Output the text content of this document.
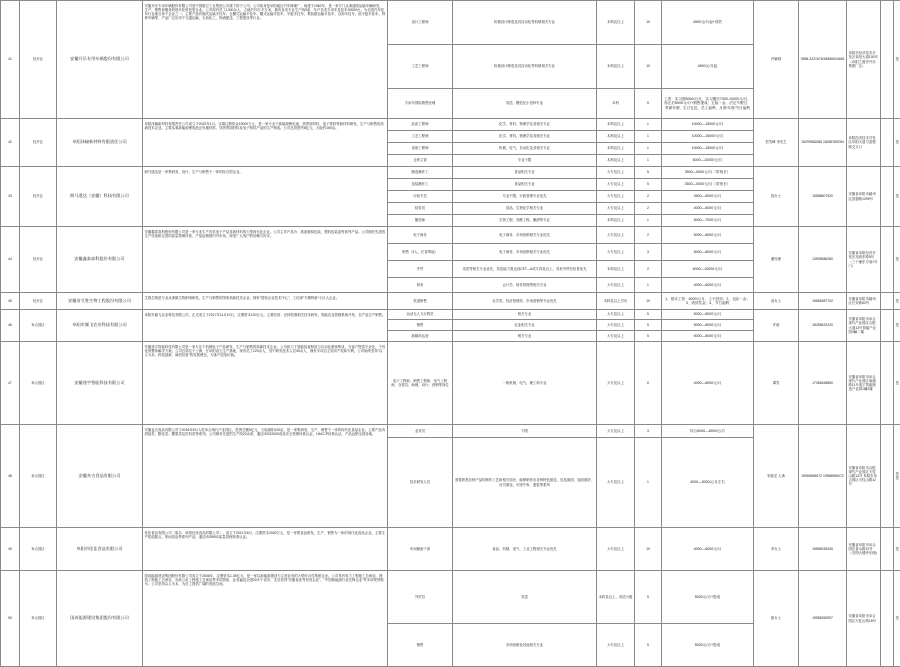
41	经开区	安徽开乐专用车辆股份有限公司	安徽开乐专用车辆股份有限公司是中国航空工业集团公司旗下的子公司。公司前身是阜阳地区汽车修理厂，始建于1962年，是一家专门从事道路运输车辆研发、生产、销售和服务的现代化科技型企业。公司现有员工1200余人，占地约70万平方米，拥有各类专业生产线9条，年产各类专用车及挂车20000台。为全国汽车挂车行业重点骨干企业之一。主要产品有厢式运输半挂车、仓栅式运输半挂车、罐式运输半挂车、平板半挂车、集装箱运输半挂车、自卸半挂车、低平板半挂车、特种车辆等，产品广泛应用于交通运输、石油化工、物流配送、工程建设等行业。	设计工程师	机械设计制造及其自动化等机械相关专业	本科及以上	10	4500元/月起+绩效	许辅城	0558-2221676/18856024465	阜阳市经济技术开发区阜阳大道100号（阜阳之窗旁开乐集团厂区）		是
				工艺工程师	机械设计制造及其自动化等机械相关专业	本科及以上	10	4500元/月起					
				专用车国际销售经理	英语、俄语及小语种专业	本科	5	工资：实习期5000元/月，实习期后7000-10000元/月，转正后5000元/月+销售提成；五险一金、法定节假日、带薪年假、生日礼包、员工福利、月度/年度/节日福利					
42	经开区	阜阳泽榆新材料有限责任公司	阜阳泽榆新材料有限责任公司成立于2022年1月，实缴注册资金15000万元，是一家专业于新能源锂电池、热界面材料、电子浆料等新材料研发、生产与销售的高新技术企业。主要从事新能源锂电池正负极材料、导热界面材料及电子浆料产品的生产制造。公司总投资约8亿元，占地约150亩。	品质工程师	化学、材料、物理学及其相关专业	本科及以上	1	10000—15000元/月	贺雪峰 李先生	15299962085 18255769254	阜阳经济技术开发区阜阳大道与富强路交叉口		是
				工艺工程师	化学、材料、物理学及其相关专业	本科及以上	1	10000—15000元/月					
				设备工程师	机械、电气、自动化及其相关专业	本科及以上	1	10000—15000元/月					
				仓库主管	专业不限	本科及以上	1	6000—10000元/月					
43	经开区	朗马遗达（安徽）科技有限公司	朗马遗达是一家集研发、设计、生产与销售于一体的综合型企业。	酿造操作工	食品相关专业	大专及以上	5	3500—5000元/月（带班长）	钱女士	15556807920	安徽省阜阳市颍州区富强路1299号		是
				包装操作工	食品相关专业	大专及以上	5	3500—5000元/月（带班长）					
				行政专员	专业不限，行政管理专业优先	大专及以上	2	3500—5000元/月					
				检验员	食品、生物化学相关专业	大专及以上	2	4000—6000元/月					
				酿造师	生物工程、发酵工程、酿酒等专业	本科及以上	1	5000—7000元/月					
44	经开区	安徽鑫泰高科股份有限公司	安徽鑫泰高科股份有限公司是一家专业生产各类电子产品及新材料的大型现代化企业。公司主导产品为：纸质蜂窝包装、塑料包装盒等系列产品。公司拥有先进的生产设备和完善的质量管理体系，产品远销国内外市场，深受广大客户的信赖与好评。	电子商务	电子商务、市场营销相关专业优先	大专及以上	2	5000—8000元/月	谢经理	13905586280	安徽省阜阳经济开发区光明东路9号（三十铺东方南1号门）		是
				销售（3人、长春等地）	电子商务、市场营销相关专业优先	大专及以上	3	5000—8000元/月					
				外贸	英语等相关专业优先，英语能力需达到CET—6或专四及以上，具有外贸经验者优先	本科及以上	2	6000—10000元/月					
				财务	会计学、财务管理等相关专业	大专及以上	1	4000—6000元/月					
45	经开区	安徽省艾胜生物工程股份有限公司	艾胜生物是专业从事微生物制剂研发、生产与销售的国家高新技术企业，拥有"国家企业技术中心"，工信部"专精特新"小巨人企业。	渠道销售	农学类、经济管理类、市场营销等专业优先	本科及以上学历	10	1、基本工资：6000元/月，上不封顶；2、五险一金；3、绩效奖金；4、节日福利	高女士	15655387702	安徽省阜阳市颍州区长安路62号		是
46	阜合园区	阜阳市颍飞农业科技有限公司	阜阳市颍飞农业科技有限公司，正式成立于2017年11月10日，注册资本100万元。主要经营：农林牧渔相关技术研发；智能农业管理系统开发；农产品生产销售。	运动无人飞行教员	相关专业	大专及以上	5	5000—8000元/月	许威	18255622220	安徽省阜阳市阜合现代产业园区合肥大道13号智能产业园4幢二楼		是
				销售	农业相关专业	大专及以上	5	5000—8000元/月					
				新媒体运营	相关专业	大专及以上	5	5000—8000元/月					
47	阜合园区	安徽逸宇智能科技有限公司	安徽逸宇智能科技有限公司是一家专注于机械电子产品研发、生产与销售的高新技术企业。公司致力于智能装备制造与自动化系统集成，为客户提供专业化、个性化的整体解决方案。公司总部位于上海，在阜阳设立生产基地，现有员工120余人，其中研发技术人员30余人，拥有多项自主知识产权和专利。公司始终坚持"以人为本、科技创新、诚信经营"的发展理念，为客户创造价值。	电子工程师、销售工程师、电气工程师、仓管员、助理、设计、营销等岗位	一般机械、电气、理工科专业	大专及以上	6	4000—8000元/月	谭雪	17356455850	安徽省阜阳市阜合现代产业园区巢湖路11号逸宇智能制造产业园1幢2楼		是
48	阜合园区	安徽麦吉食品有限公司	安徽麦吉食品有限公司于2016年5月入驻阜合现代产业园区，投资总额5亿元，占地面积120亩，是一家集研发、生产、销售于一体的现代化食品企业。主要产品有烘焙类、膨化类、糖果类及饮料类等系列。公司拥有先进的生产线20余条，通过ISO22000食品安全管理体系认证、HACCP体系认证，产品远销全国各地。	业务员	不限	大专及以上	3	综合5000—8000元/月	朱晓艺 人事	19965596072 19965596072	安徽省阜阳市合肥现代产业园区天柱山路12号 阜阳市阜合园区天柱山路12号		是 是
				技术研发人员	需要熟悉各种产品的制作工艺和相关知识，能够制作出各种特色面包，包括面团、加面面饼、吐司面包、可颂牛角、蛋挞等系列	大专及以上	1	4000—5000元/月左右					
49	阜合园区	阜阳市佳佳食品有限公司	佳佳食品有限公司（原名：阜阳佳佳食品有限公司），成立于2011年6月，注册资本2000万元，是一家集食品研发、生产、销售为一体的现代化食品企业。主要生产烘焙糕点、休闲食品等系列产品，通过ISO9001质量管理体系认证。	车间储备干部	食品、机械、电气、工业工程相关专业优先	大专及以上	10	4000—6000元/月	李女士	15555035345	安徽省阜阳市阜合园区香山路12号（安图大楼旁东侧)		是
50	阜合园区	国成能源建设集团股份有限公司	国成能源建设集团股份有限公司成立于2006年，注册资本1.05亿元，是一家以新能源建设为主营业务的大型综合性集团企业。公司具有电力工程施工总承包、建筑工程施工总承包、市政公用工程施工总承包等多项资质，业务遍及全国20多个省市，先后获得"安徽省优秀民营企业"、"中国新能源行业先锋企业"等多项荣誉称号。公司坚持以人为本，为员工提供广阔的发展空间。	外贸员	英语	本科及以上、英语六级	5	5000元/月+提成	唐女士	19965350997	安徽省阜阳市阜合园区天柱山路18号		是
				销售	市场营销及其他相关专业	大专及以上	5	5000元/月+提成					
